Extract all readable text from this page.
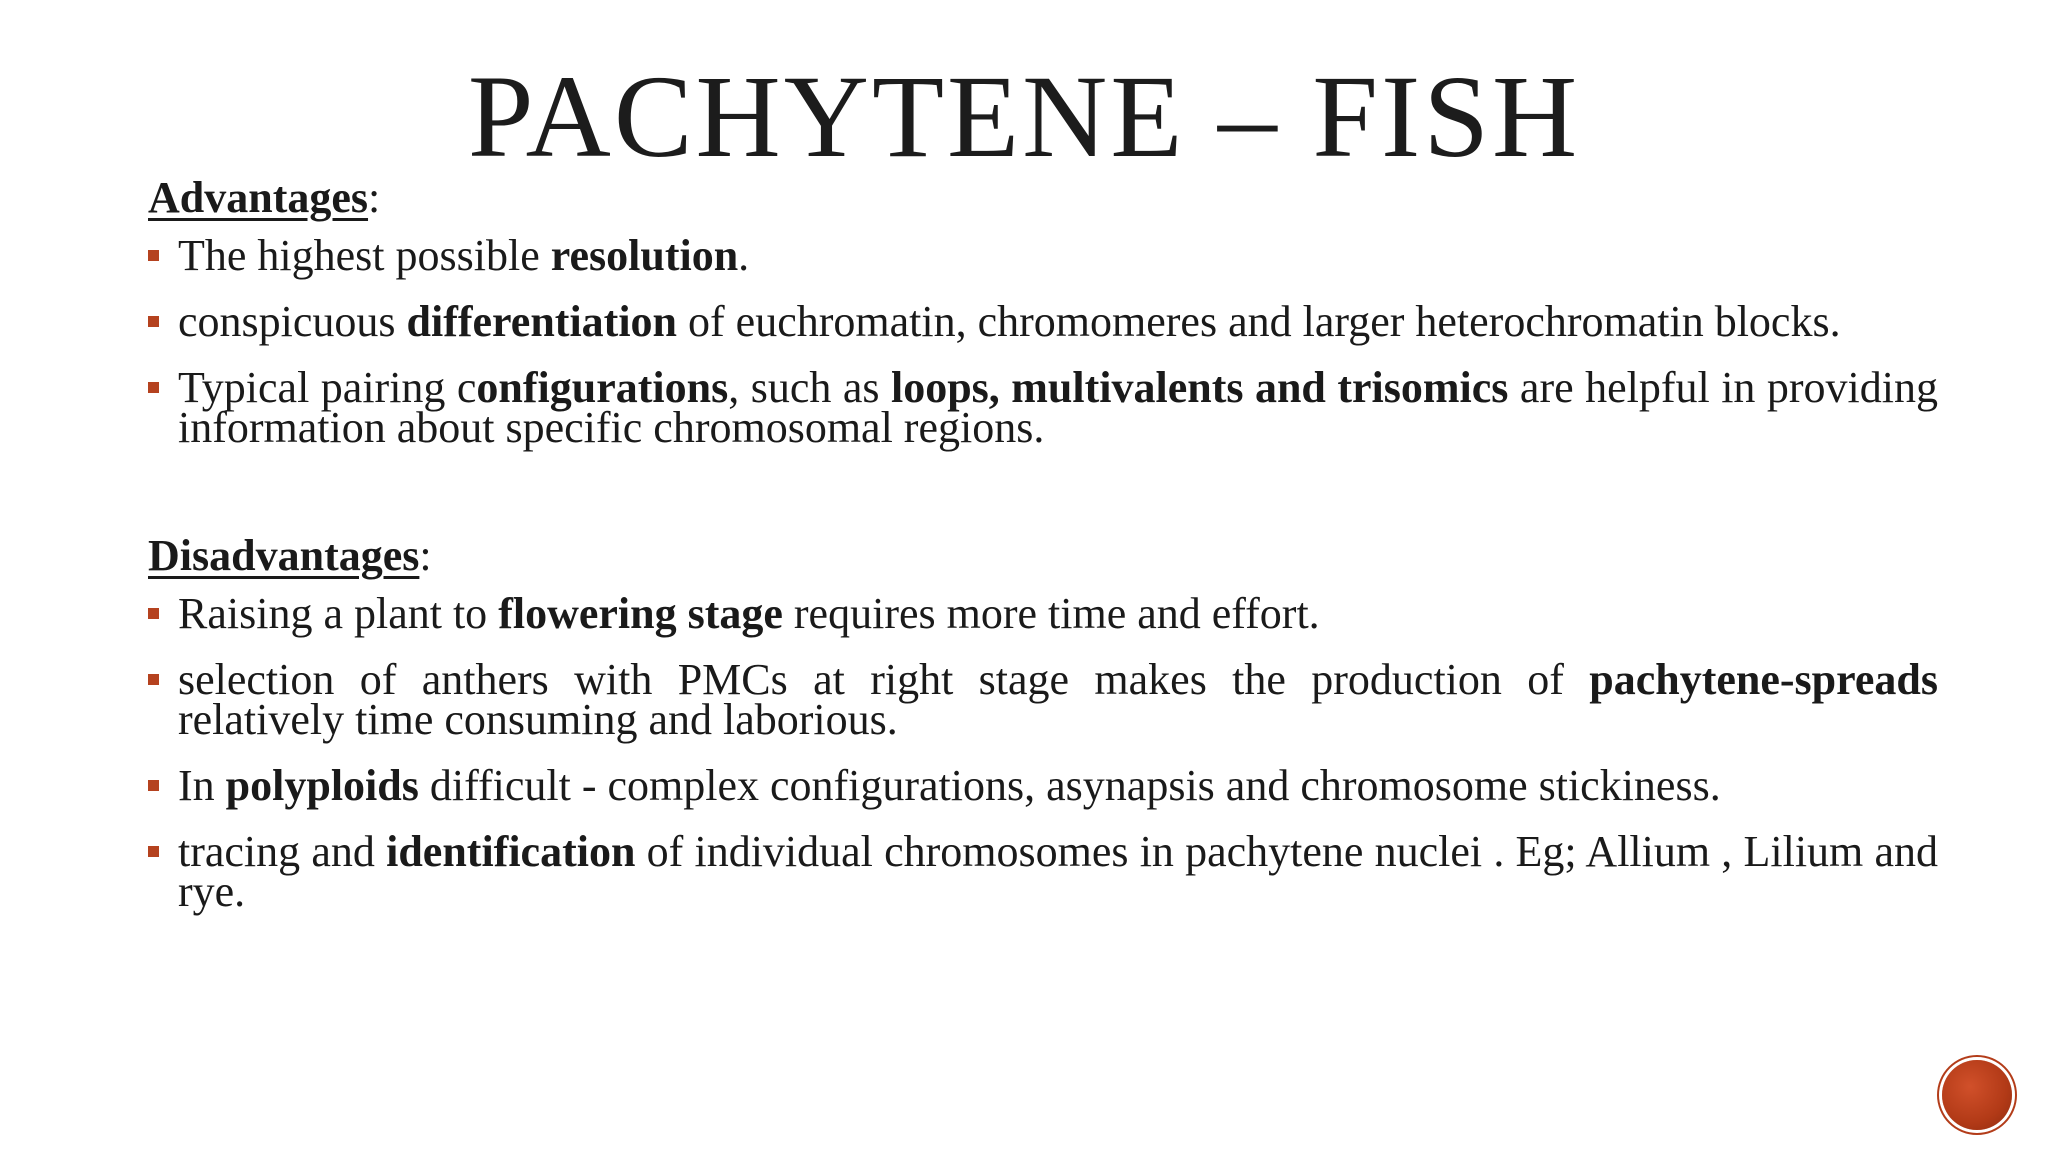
PACHYTENE – FISH
Advantages:
The highest possible resolution.
conspicuous differentiation of euchromatin, chromomeres and larger heterochromatin blocks.
Typical pairing configurations, such as loops, multivalents and trisomics are helpful in providing information about specific chromosomal regions.
Disadvantages:
Raising a plant to flowering stage requires more time and effort.
selection of anthers with PMCs at right stage makes the production of pachytene-spreads relatively time consuming and laborious.
In polyploids difficult - complex configurations, asynapsis and chromosome stickiness.
tracing and identification of individual chromosomes in pachytene nuclei . Eg; Allium , Lilium and rye.
